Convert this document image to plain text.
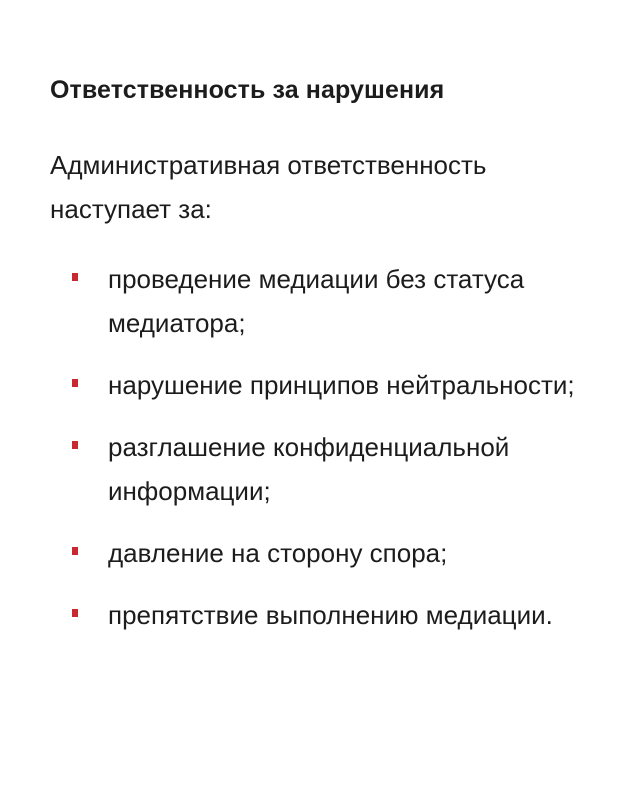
Ответственность за нарушения

Административная ответственность наступает за:

проведение медиации без статуса медиатора;
нарушение принципов нейтральности;
разглашение конфиденциальной информации;
давление на сторону спора;
препятствие выполнению медиации.
